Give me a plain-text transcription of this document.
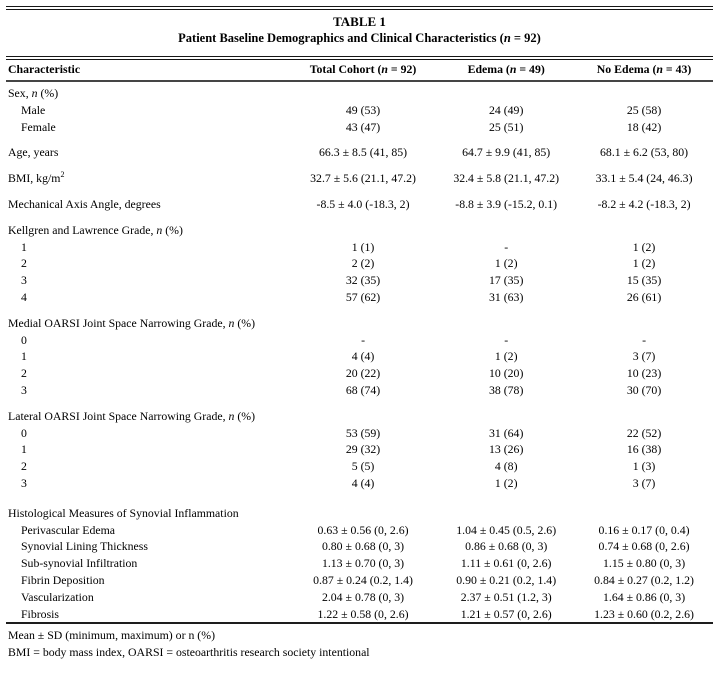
TABLE 1
Patient Baseline Demographics and Clinical Characteristics (n = 92)
Characteristic	Total Cohort (n = 92)	Edema (n = 49)	No Edema (n = 43)
Sex, n (%)			
Male	49 (53)	24 (49)	25 (58)
Female	43 (47)	25 (51)	18 (42)

Age, years	66.3 ± 8.5 (41, 85)	64.7 ± 9.9 (41, 85)	68.1 ± 6.2 (53, 80)

BMI, $kg/m^2$	32.7 ± 5.6 (21.1, 47.2)	32.4 ± 5.8 (21.1, 47.2)	33.1 ± 5.4 (24, 46.3)

Mechanical Axis Angle, degrees	-8.5 ± 4.0 (-18.3, 2)	-8.8 ± 3.9 (-15.2, 0.1)	-8.2 ± 4.2 (-18.3, 2)

Kellgren and Lawrence Grade, n (%)			
1	1 (1)	-	1 (2)
2	2 (2)	1 (2)	1 (2)
3	32 (35)	17 (35)	15 (35)
4	57 (62)	31 (63)	26 (61)

Medial OARSI Joint Space Narrowing Grade, n (%)			
0	-	-	-
1	4 (4)	1 (2)	3 (7)
2	20 (22)	10 (20)	10 (23)
3	68 (74)	38 (78)	30 (70)

Lateral OARSI Joint Space Narrowing Grade, n (%)			
0	53 (59)	31 (64)	22 (52)
1	29 (32)	13 (26)	16 (38)
2	5 (5)	4 (8)	1 (3)
3	4 (4)	1 (2)	3 (7)

Histological Measures of Synovial Inflammation			
Perivascular Edema	0.63 ± 0.56 (0, 2.6)	1.04 ± 0.45 (0.5, 2.6)	0.16 ± 0.17 (0, 0.4)
Synovial Lining Thickness	0.80 ± 0.68 (0, 3)	0.86 ± 0.68 (0, 3)	0.74 ± 0.68 (0, 2.6)
Sub-synovial Infiltration	1.13 ± 0.70 (0, 3)	1.11 ± 0.61 (0, 2.6)	1.15 ± 0.80 (0, 3)
Fibrin Deposition	0.87 ± 0.24 (0.2, 1.4)	0.90 ± 0.21 (0.2, 1.4)	0.84 ± 0.27 (0.2, 1.2)
Vascularization	2.04 ± 0.78 (0, 3)	2.37 ± 0.51 (1.2, 3)	1.64 ± 0.86 (0, 3)
Fibrosis	1.22 ± 0.58 (0, 2.6)	1.21 ± 0.57 (0, 2.6)	1.23 ± 0.60 (0.2, 2.6)
Mean ± SD (minimum, maximum) or n (%)
BMI = body mass index, OARSI = osteoarthritis research society intentional
